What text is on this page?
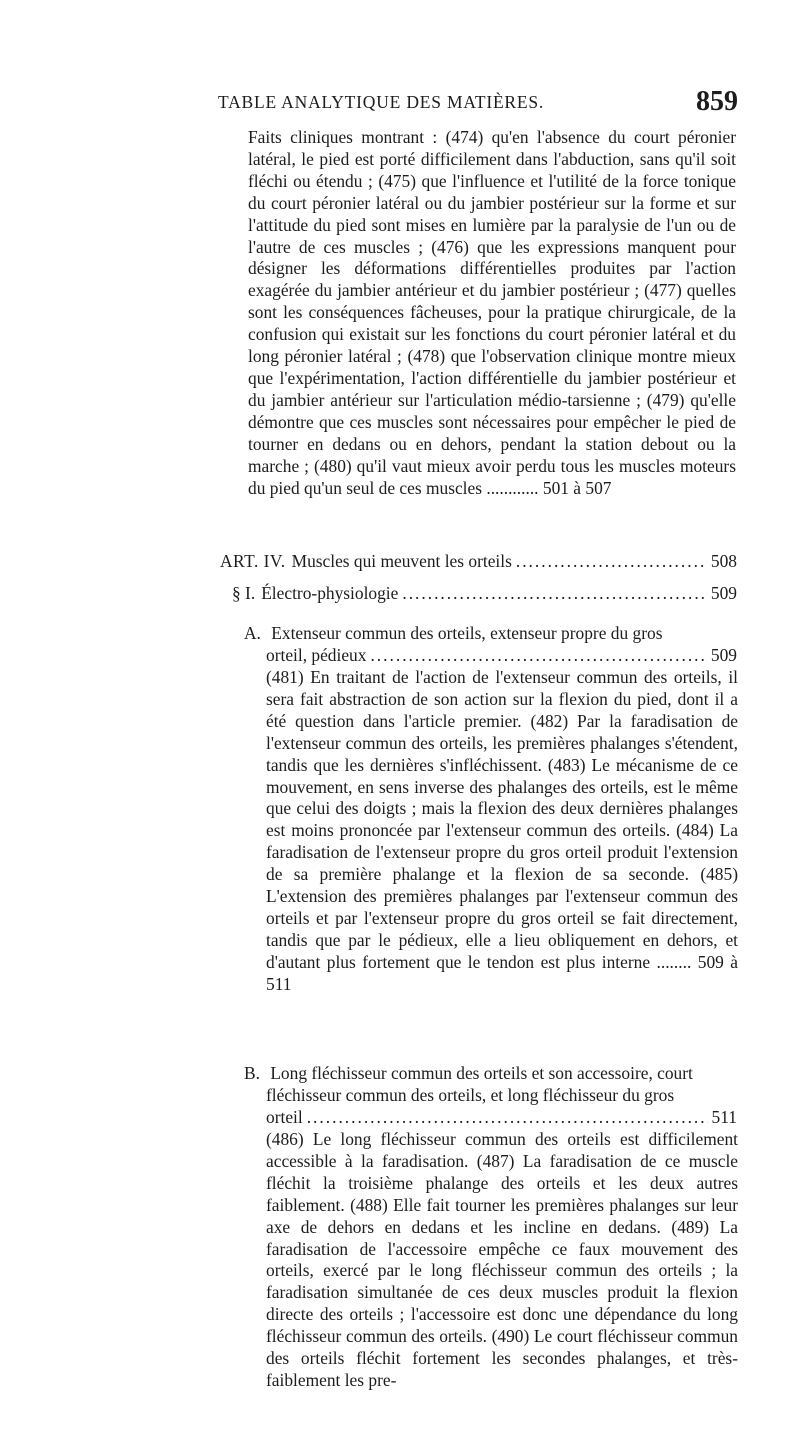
TABLE ANALYTIQUE DES MATIÈRES.	859

Faits cliniques montrant : (474) qu'en l'absence du court péronier latéral, le pied est porté difficilement dans l'abduction, sans qu'il soit fléchi ou étendu ; (475) que l'influence et l'utilité de la force tonique du court péronier latéral ou du jambier postérieur sur la forme et sur l'attitude du pied sont mises en lumière par la paralysie de l'un ou de l'autre de ces muscles ; (476) que les expressions manquent pour désigner les déformations différentielles produites par l'action exagérée du jambier antérieur et du jambier postérieur ; (477) quelles sont les conséquences fâcheuses, pour la pratique chirurgicale, de la confusion qui existait sur les fonctions du court péronier latéral et du long péronier latéral ; (478) que l'observation clinique montre mieux que l'expérimentation, l'action différentielle du jambier postérieur et du jambier antérieur sur l'articulation médio-tarsienne ; (479) qu'elle démontre que ces muscles sont nécessaires pour empêcher le pied de tourner en dedans ou en dehors, pendant la station debout ou la marche ; (480) qu'il vaut mieux avoir perdu tous les muscles moteurs du pied qu'un seul de ces muscles ............ 501 à 507

ART. IV. Muscles qui meuvent les orteils .....	508
§ I. Électro-physiologie .....	509
A. Extenseur commun des orteils, extenseur propre du gros
orteil, pédieux .....	509

(481) En traitant de l'action de l'extenseur commun des orteils, il sera fait abstraction de son action sur la flexion du pied, dont il a été question dans l'article premier. (482) Par la faradisation de l'extenseur commun des orteils, les premières phalanges s'étendent, tandis que les dernières s'infléchissent. (483) Le mécanisme de ce mouvement, en sens inverse des phalanges des orteils, est le même que celui des doigts ; mais la flexion des deux dernières phalanges est moins prononcée par l'extenseur commun des orteils. (484) La faradisation de l'extenseur propre du gros orteil produit l'extension de sa première phalange et la flexion de sa seconde. (485) L'extension des premières phalanges par l'extenseur commun des orteils et par l'extenseur propre du gros orteil se fait directement, tandis que par le pédieux, elle a lieu obliquement en dehors, et d'autant plus fortement que le tendon est plus interne ........ 509 à 511

B. Long fléchisseur commun des orteils et son accessoire, court
fléchisseur commun des orteils, et long fléchisseur du gros
orteil .....	511

(486) Le long fléchisseur commun des orteils est difficilement accessible à la faradisation. (487) La faradisation de ce muscle fléchit la troisième phalange des orteils et les deux autres faiblement. (488) Elle fait tourner les premières phalanges sur leur axe de dehors en dedans et les incline en dedans. (489) La faradisation de l'accessoire empêche ce faux mouvement des orteils, exercé par le long fléchisseur commun des orteils ; la faradisation simultanée de ces deux muscles produit la flexion directe des orteils ; l'accessoire est donc une dépendance du long fléchisseur commun des orteils. (490) Le court fléchisseur commun des orteils fléchit fortement les secondes phalanges, et très-faiblement les pre-
